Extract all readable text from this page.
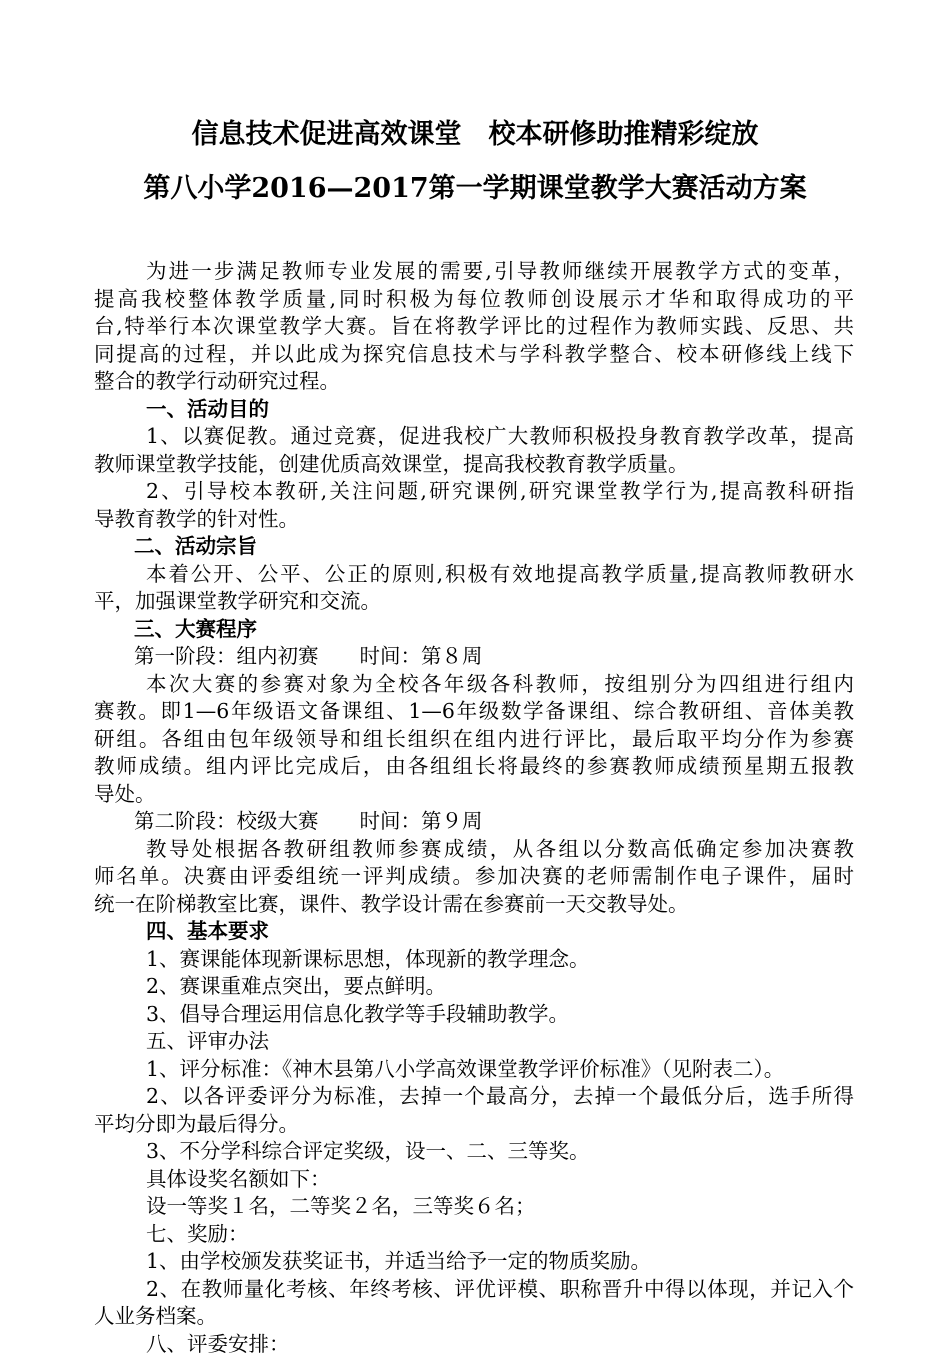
信息技术促进高效课堂　校本研修助推精彩绽放
第八小学2016—2017第一学期课堂教学大赛活动方案
为进一步满足教师专业发展的需要,引导教师继续开展教学方式的变革，
提高我校整体教学质量,同时积极为每位教师创设展示才华和取得成功的平
台,特举行本次课堂教学大赛。旨在将教学评比的过程作为教师实践、反思、共
同提高的过程，并以此成为探究信息技术与学科教学整合、校本研修线上线下
整合的教学行动研究过程。
一、活动目的
1、以赛促教。通过竞赛，促进我校广大教师积极投身教育教学改革，提高
教师课堂教学技能，创建优质高效课堂，提高我校教育教学质量。
2、引导校本教研,关注问题,研究课例,研究课堂教学行为,提高教科研指
导教育教学的针对性。
二、活动宗旨
本着公开、公平、公正的原则,积极有效地提高教学质量,提高教师教研水
平，加强课堂教学研究和交流。
三、大赛程序
第一阶段：组内初赛　　时间：第８周
本次大赛的参赛对象为全校各年级各科教师，按组别分为四组进行组内
赛教。即1—6年级语文备课组、1—6年级数学备课组、综合教研组、音体美教
研组。各组由包年级领导和组长组织在组内进行评比，最后取平均分作为参赛
教师成绩。组内评比完成后，由各组组长将最终的参赛教师成绩预星期五报教
导处。
第二阶段：校级大赛　　时间：第９周
教导处根据各教研组教师参赛成绩，从各组以分数高低确定参加决赛教
师名单。决赛由评委组统一评判成绩。参加决赛的老师需制作电子课件，届时
统一在阶梯教室比赛，课件、教学设计需在参赛前一天交教导处。
四、基本要求
1、赛课能体现新课标思想，体现新的教学理念。
2、赛课重难点突出，要点鲜明。
3、倡导合理运用信息化教学等手段辅助教学。
五、评审办法
1、评分标准：《神木县第八小学高效课堂教学评价标准》（见附表二）。
2、以各评委评分为标准，去掉一个最高分，去掉一个最低分后，选手所得
平均分即为最后得分。
3、不分学科综合评定奖级，设一、二、三等奖。
具体设奖名额如下：
设一等奖１名，二等奖２名，三等奖６名；
七、奖励：
1、由学校颁发获奖证书，并适当给予一定的物质奖励。
2、在教师量化考核、年终考核、评优评模、职称晋升中得以体现，并记入个
人业务档案。
八、评委安排：
